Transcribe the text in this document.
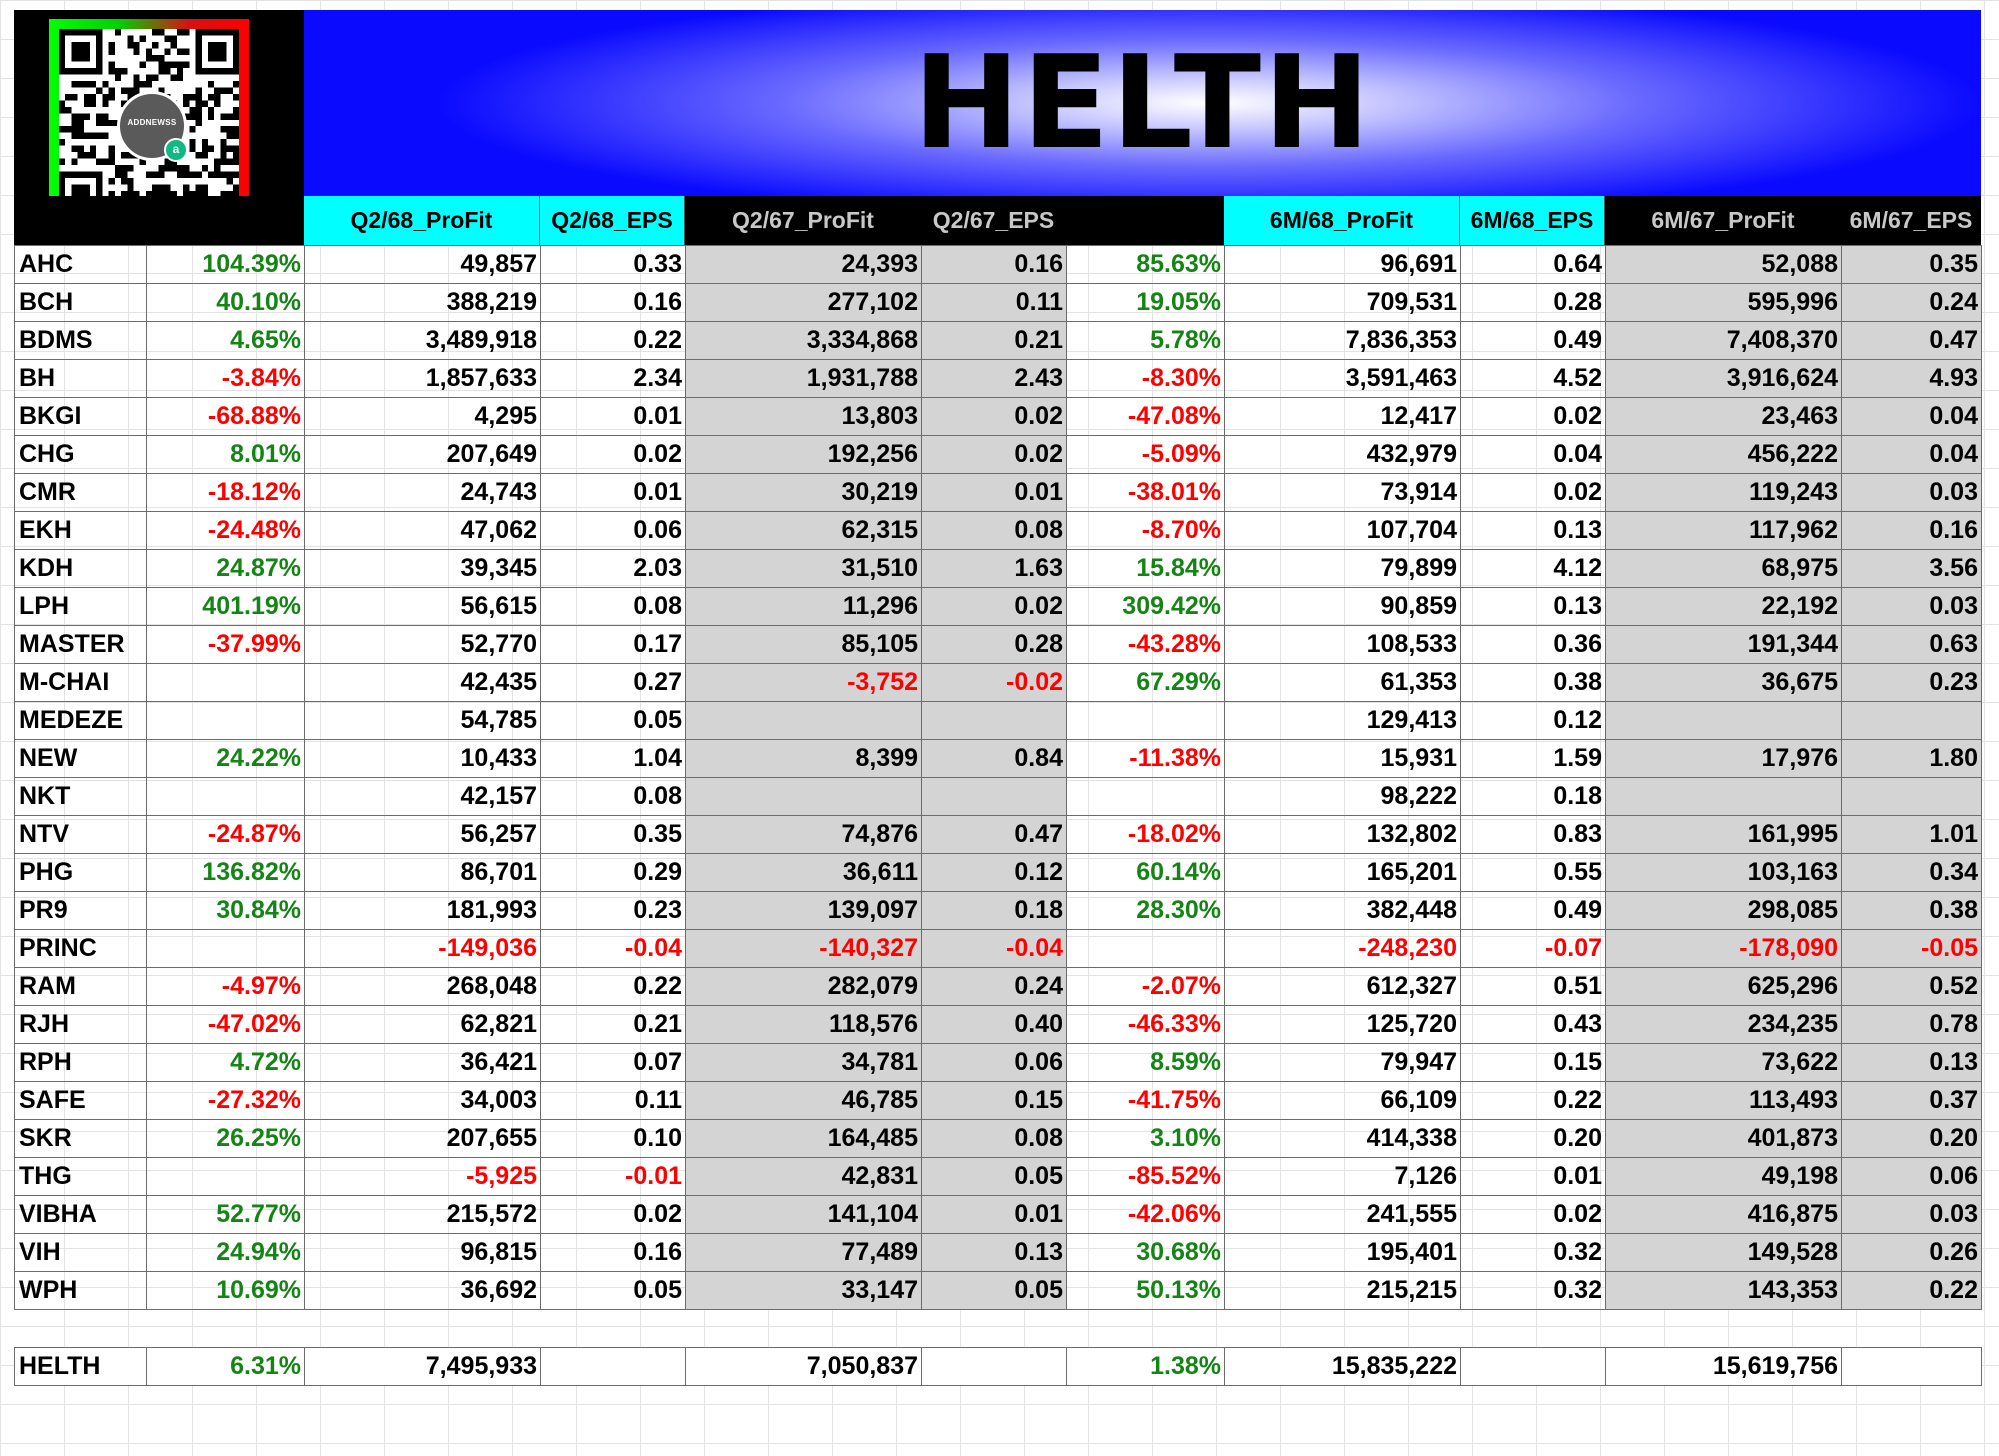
ADDNEWSS
a	HELTH
Q2/68_ProFit	Q2/68_EPS	Q2/67_ProFit	Q2/67_EPS	6M/68_ProFit	6M/68_EPS	6M/67_ProFit	6M/67_EPS
AHC	104.39%	49,857	0.33	24,393	0.16	85.63%	96,691	0.64	52,088	0.35
BCH	40.10%	388,219	0.16	277,102	0.11	19.05%	709,531	0.28	595,996	0.24
BDMS	4.65%	3,489,918	0.22	3,334,868	0.21	5.78%	7,836,353	0.49	7,408,370	0.47
BH	-3.84%	1,857,633	2.34	1,931,788	2.43	-8.30%	3,591,463	4.52	3,916,624	4.93
BKGI	-68.88%	4,295	0.01	13,803	0.02	-47.08%	12,417	0.02	23,463	0.04
CHG	8.01%	207,649	0.02	192,256	0.02	-5.09%	432,979	0.04	456,222	0.04
CMR	-18.12%	24,743	0.01	30,219	0.01	-38.01%	73,914	0.02	119,243	0.03
EKH	-24.48%	47,062	0.06	62,315	0.08	-8.70%	107,704	0.13	117,962	0.16
KDH	24.87%	39,345	2.03	31,510	1.63	15.84%	79,899	4.12	68,975	3.56
LPH	401.19%	56,615	0.08	11,296	0.02	309.42%	90,859	0.13	22,192	0.03
MASTER	-37.99%	52,770	0.17	85,105	0.28	-43.28%	108,533	0.36	191,344	0.63
M-CHAI		42,435	0.27	-3,752	-0.02	67.29%	61,353	0.38	36,675	0.23
MEDEZE		54,785	0.05				129,413	0.12		
NEW	24.22%	10,433	1.04	8,399	0.84	-11.38%	15,931	1.59	17,976	1.80
NKT		42,157	0.08				98,222	0.18		
NTV	-24.87%	56,257	0.35	74,876	0.47	-18.02%	132,802	0.83	161,995	1.01
PHG	136.82%	86,701	0.29	36,611	0.12	60.14%	165,201	0.55	103,163	0.34
PR9	30.84%	181,993	0.23	139,097	0.18	28.30%	382,448	0.49	298,085	0.38
PRINC		-149,036	-0.04	-140,327	-0.04		-248,230	-0.07	-178,090	-0.05
RAM	-4.97%	268,048	0.22	282,079	0.24	-2.07%	612,327	0.51	625,296	0.52
RJH	-47.02%	62,821	0.21	118,576	0.40	-46.33%	125,720	0.43	234,235	0.78
RPH	4.72%	36,421	0.07	34,781	0.06	8.59%	79,947	0.15	73,622	0.13
SAFE	-27.32%	34,003	0.11	46,785	0.15	-41.75%	66,109	0.22	113,493	0.37
SKR	26.25%	207,655	0.10	164,485	0.08	3.10%	414,338	0.20	401,873	0.20
THG		-5,925	-0.01	42,831	0.05	-85.52%	7,126	0.01	49,198	0.06
VIBHA	52.77%	215,572	0.02	141,104	0.01	-42.06%	241,555	0.02	416,875	0.03
VIH	24.94%	96,815	0.16	77,489	0.13	30.68%	195,401	0.32	149,528	0.26
WPH	10.69%	36,692	0.05	33,147	0.05	50.13%	215,215	0.32	143,353	0.22

HELTH	6.31%	7,495,933		7,050,837		1.38%	15,835,222		15,619,756	
